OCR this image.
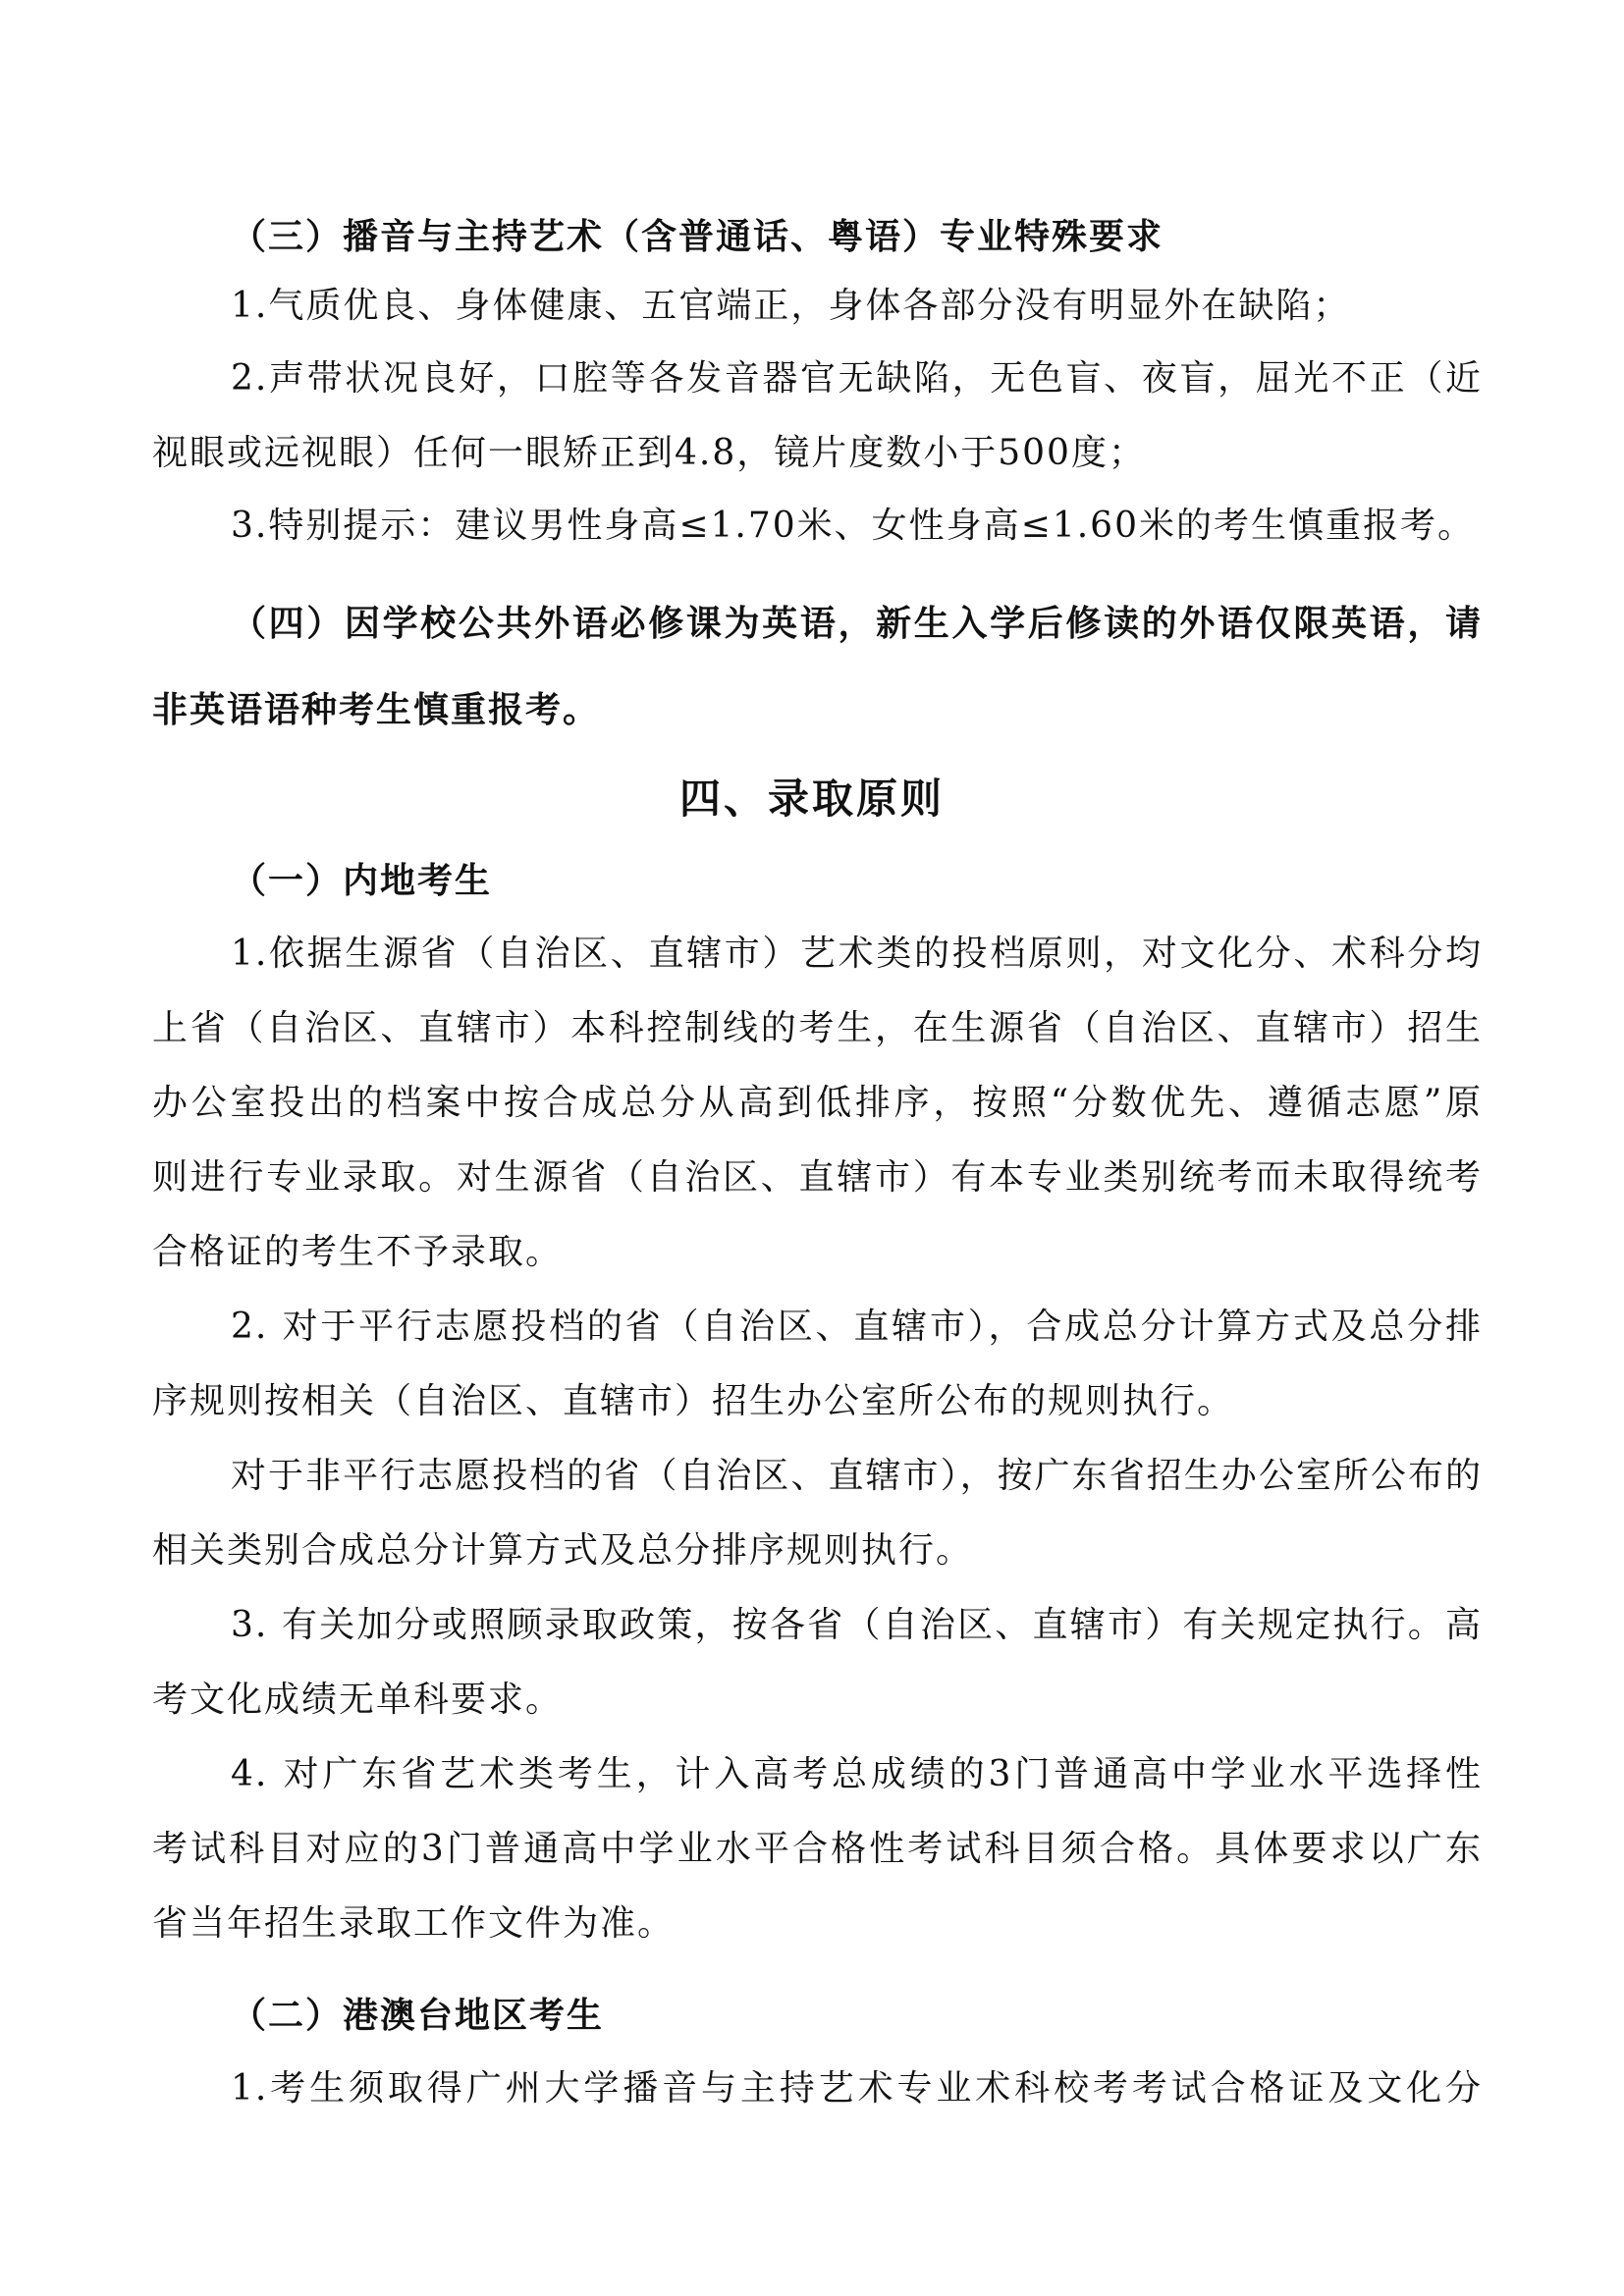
（三）播音与主持艺术（含普通话、粤语）专业特殊要求
1.气质优良、身体健康、五官端正，身体各部分没有明显外在缺陷；
2.声带状况良好，口腔等各发音器官无缺陷，无色盲、夜盲，屈光不正（近
视眼或远视眼）任何一眼矫正到4.8，镜片度数小于500度；
3.特别提示：建议男性身高≤1.70米、女性身高≤1.60米的考生慎重报考。
（四）因学校公共外语必修课为英语，新生入学后修读的外语仅限英语，请
非英语语种考生慎重报考。
四、录取原则
（一）内地考生
1.依据生源省（自治区、直辖市）艺术类的投档原则，对文化分、术科分均
上省（自治区、直辖市）本科控制线的考生，在生源省（自治区、直辖市）招生
办公室投出的档案中按合成总分从高到低排序，按照“分数优先、遵循志愿”原
则进行专业录取。对生源省（自治区、直辖市）有本专业类别统考而未取得统考
合格证的考生不予录取。
2. 对于平行志愿投档的省（自治区、直辖市），合成总分计算方式及总分排
序规则按相关（自治区、直辖市）招生办公室所公布的规则执行。
对于非平行志愿投档的省（自治区、直辖市），按广东省招生办公室所公布的
相关类别合成总分计算方式及总分排序规则执行。
3. 有关加分或照顾录取政策，按各省（自治区、直辖市）有关规定执行。高
考文化成绩无单科要求。
4. 对广东省艺术类考生，计入高考总成绩的3门普通高中学业水平选择性
考试科目对应的3门普通高中学业水平合格性考试科目须合格。具体要求以广东
省当年招生录取工作文件为准。
（二）港澳台地区考生
1.考生须取得广州大学播音与主持艺术专业术科校考考试合格证及文化分
